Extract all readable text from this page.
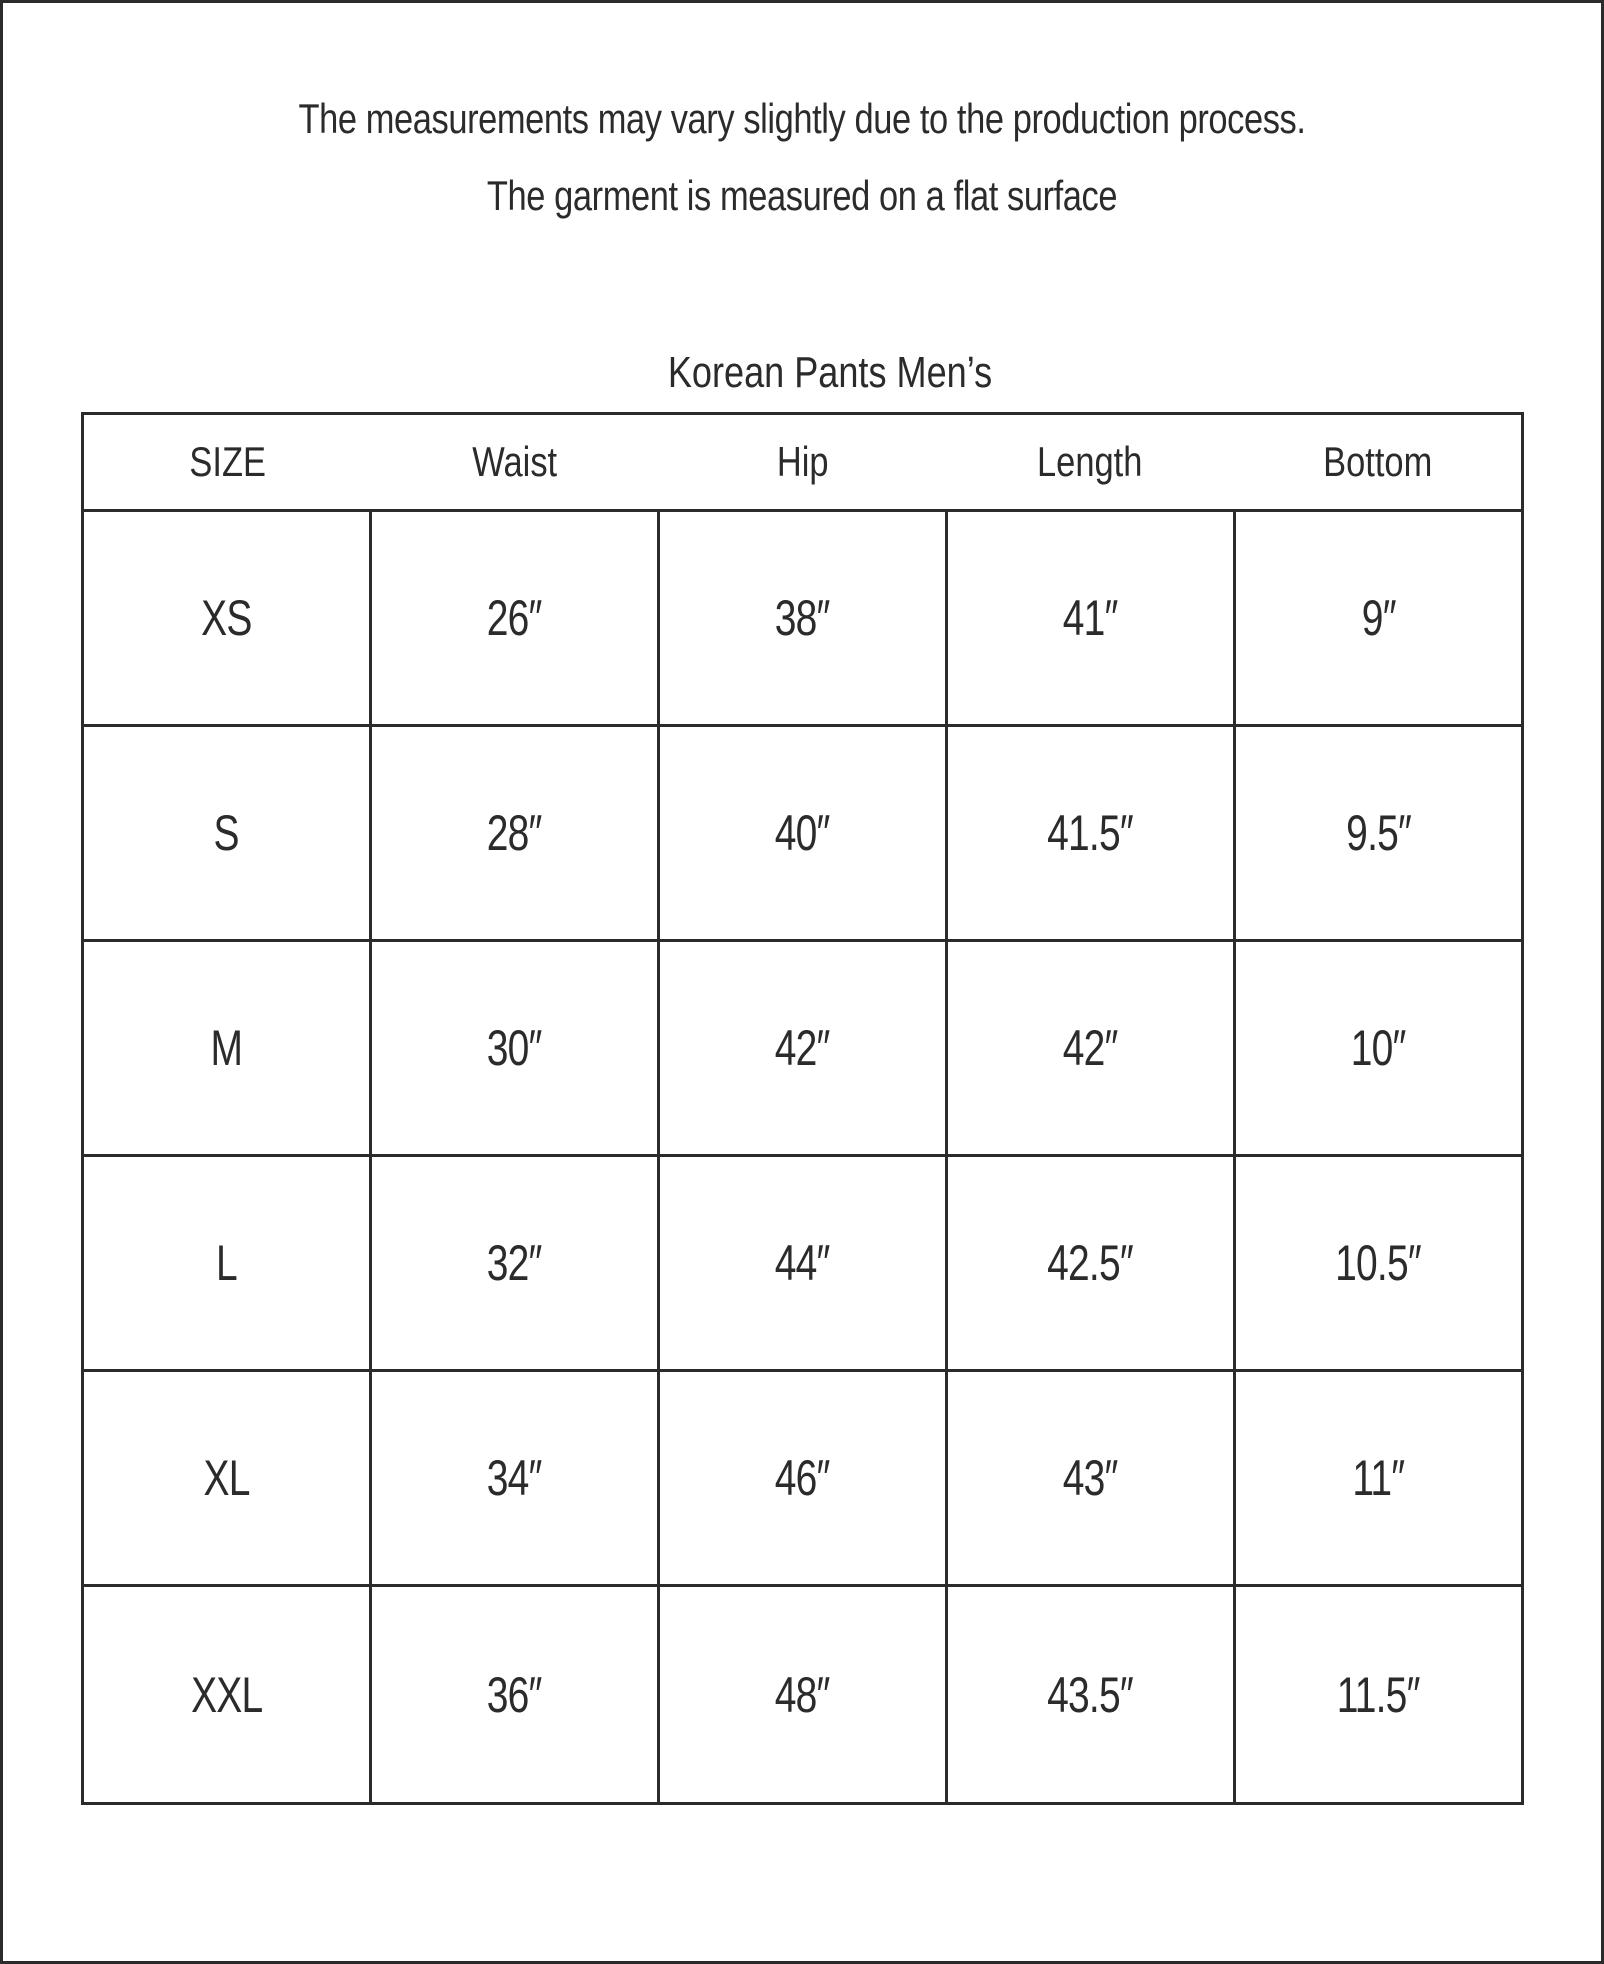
The measurements may vary slightly due to the production process.
The garment is measured on a flat surface
Korean Pants Men’s
SIZE	Waist	Hip	Length	Bottom
XS	26″	38″	41″	9″
S	28″	40″	41.5″	9.5″
M	30″	42″	42″	10″
L	32″	44″	42.5″	10.5″
XL	34″	46″	43″	11″
XXL	36″	48″	43.5″	11.5″
